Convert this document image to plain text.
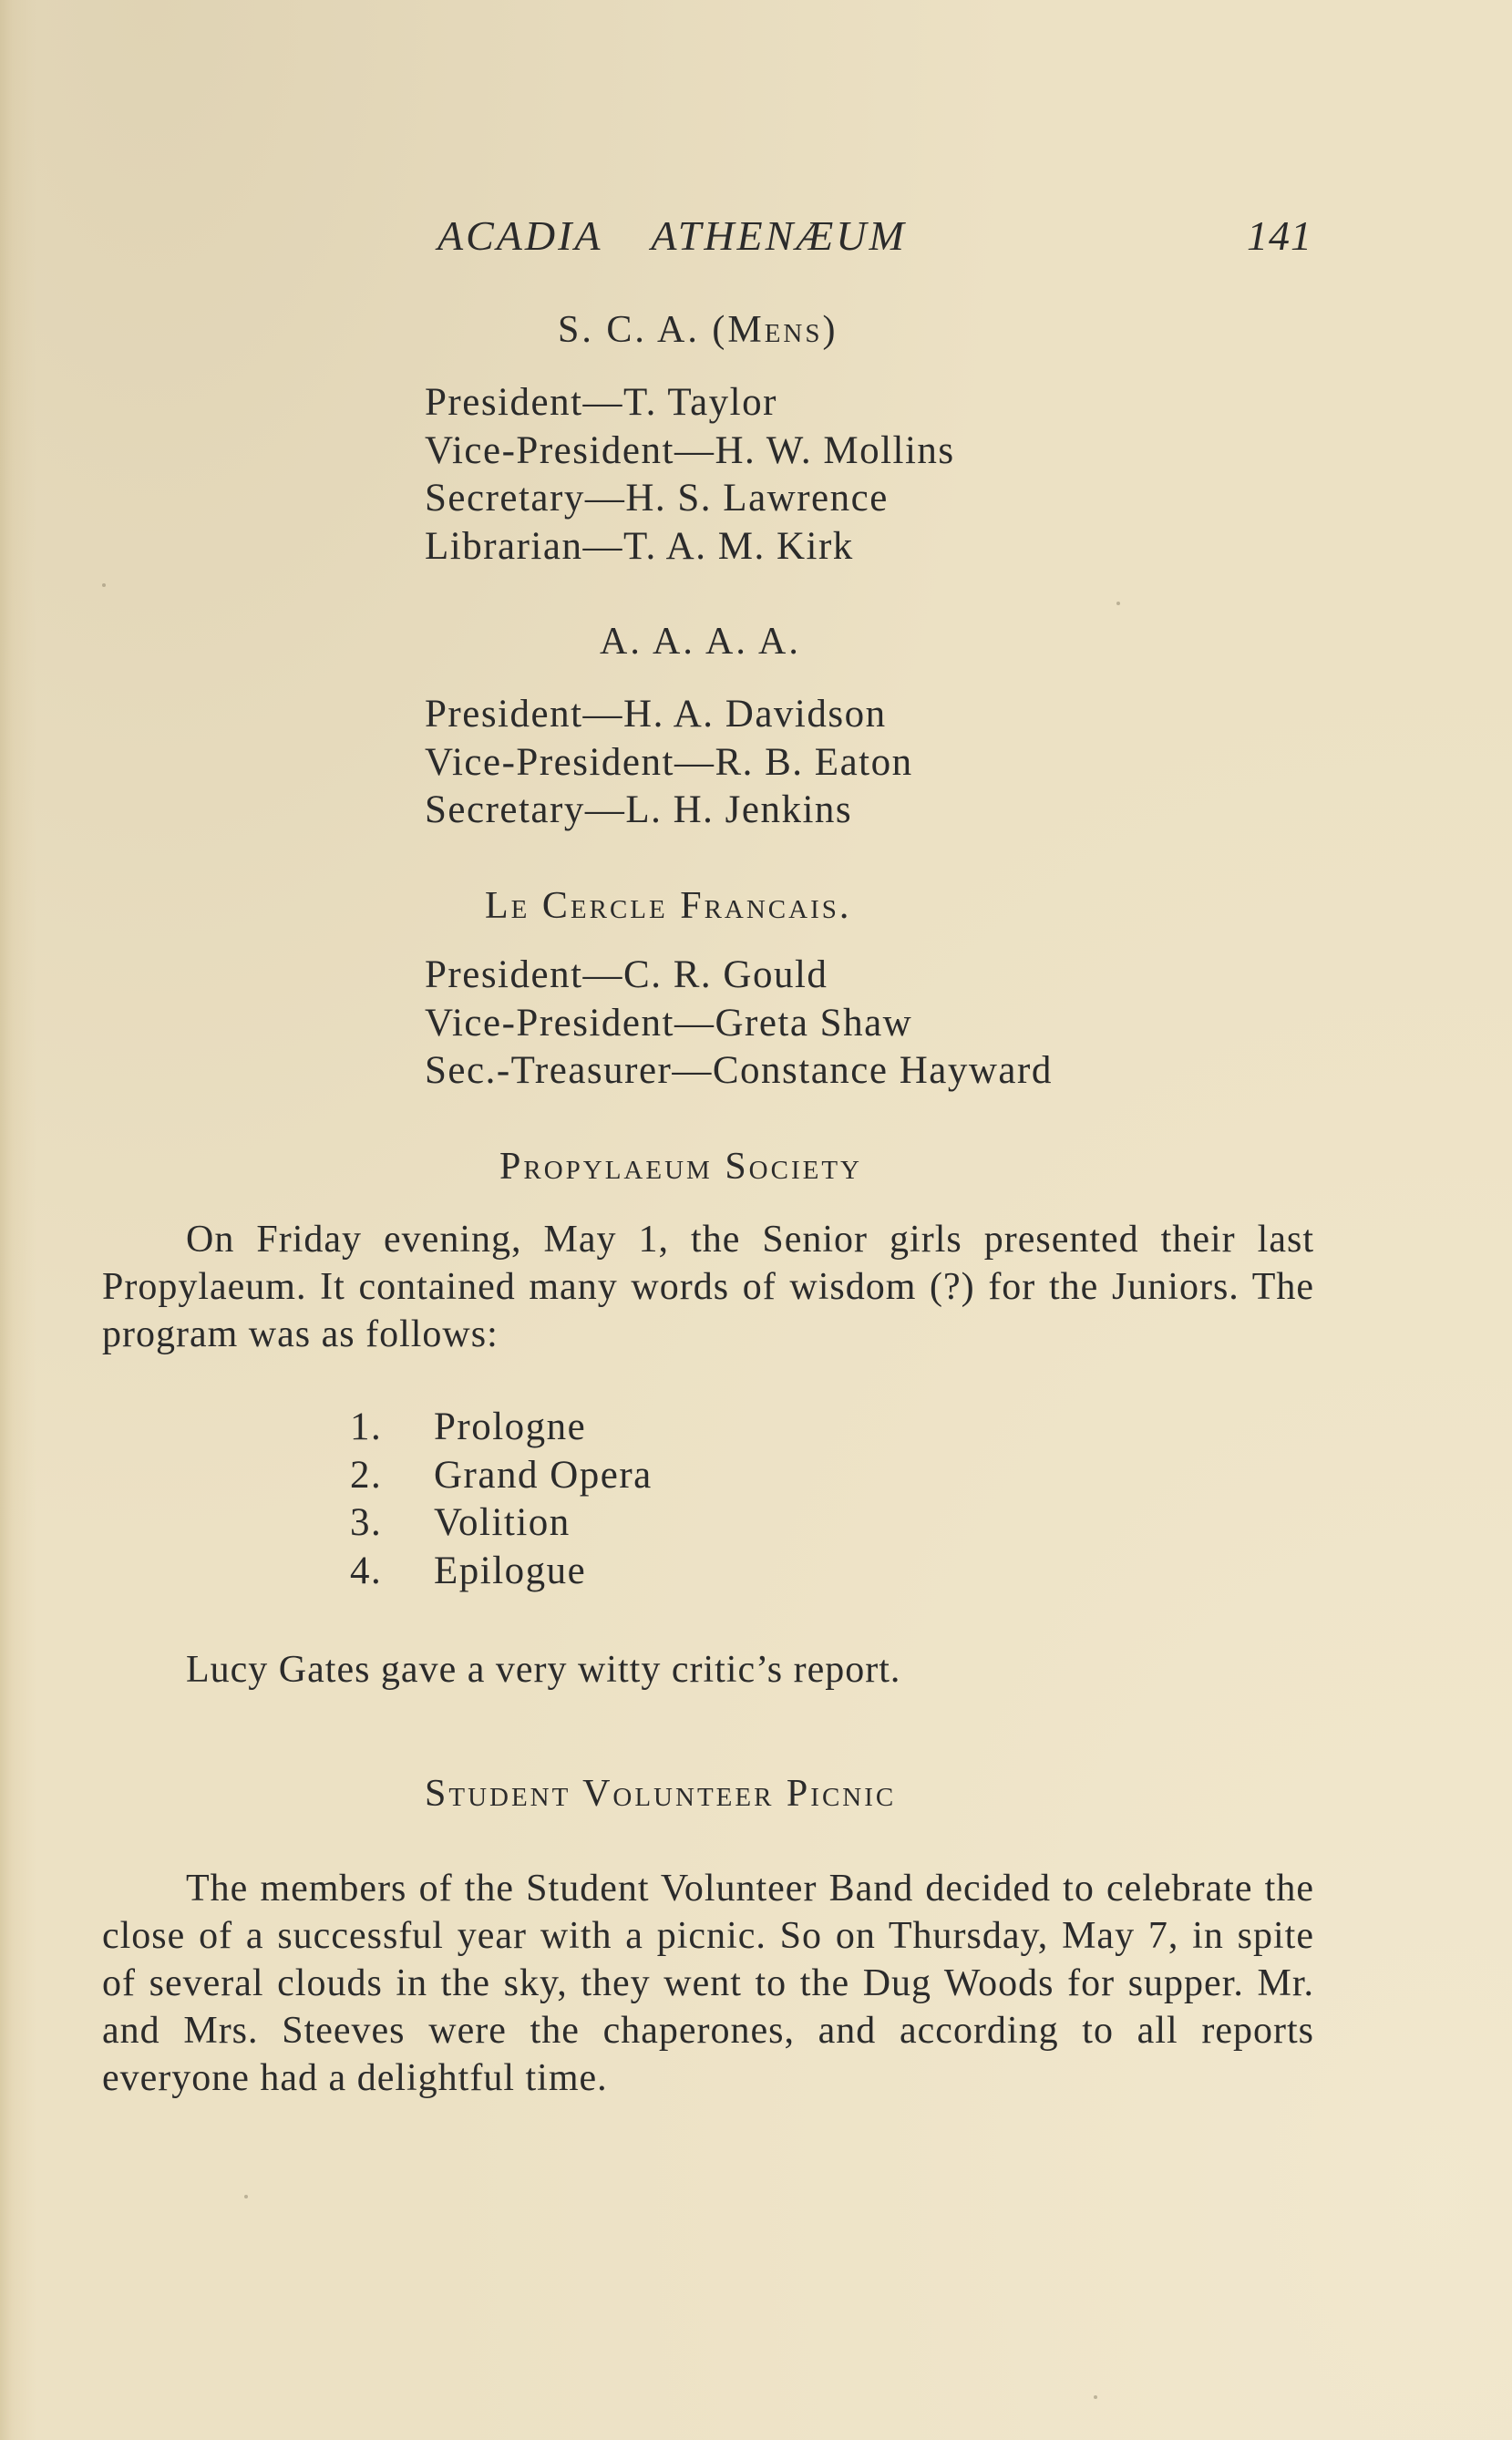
ACADIA ATHENÆUM	141
S. C. A. (Mens)
President—T. Taylor
Vice-President—H. W. Mollins
Secretary—H. S. Lawrence
Librarian—T. A. M. Kirk
A. A. A. A.
President—H. A. Davidson
Vice-President—R. B. Eaton
Secretary—L. H. Jenkins
Le Cercle Francais.
President—C. R. Gould
Vice-President—Greta Shaw
Sec.-Treasurer—Constance Hayward
Propylaeum Society

On Friday evening, May 1, the Senior girls presented their last Propylaeum. It contained many words of wisdom (?) for the Juniors. The program was as follows:

1. Prologne
2. Grand Opera
3. Volition
4. Epilogue
Lucy Gates gave a very witty critic’s report.
Student Volunteer Picnic

The members of the Student Volunteer Band decided to celebrate the close of a successful year with a picnic. So on Thursday, May 7, in spite of several clouds in the sky, they went to the Dug Woods for supper. Mr. and Mrs. Steeves were the chaperones, and according to all reports everyone had a delightful time.
